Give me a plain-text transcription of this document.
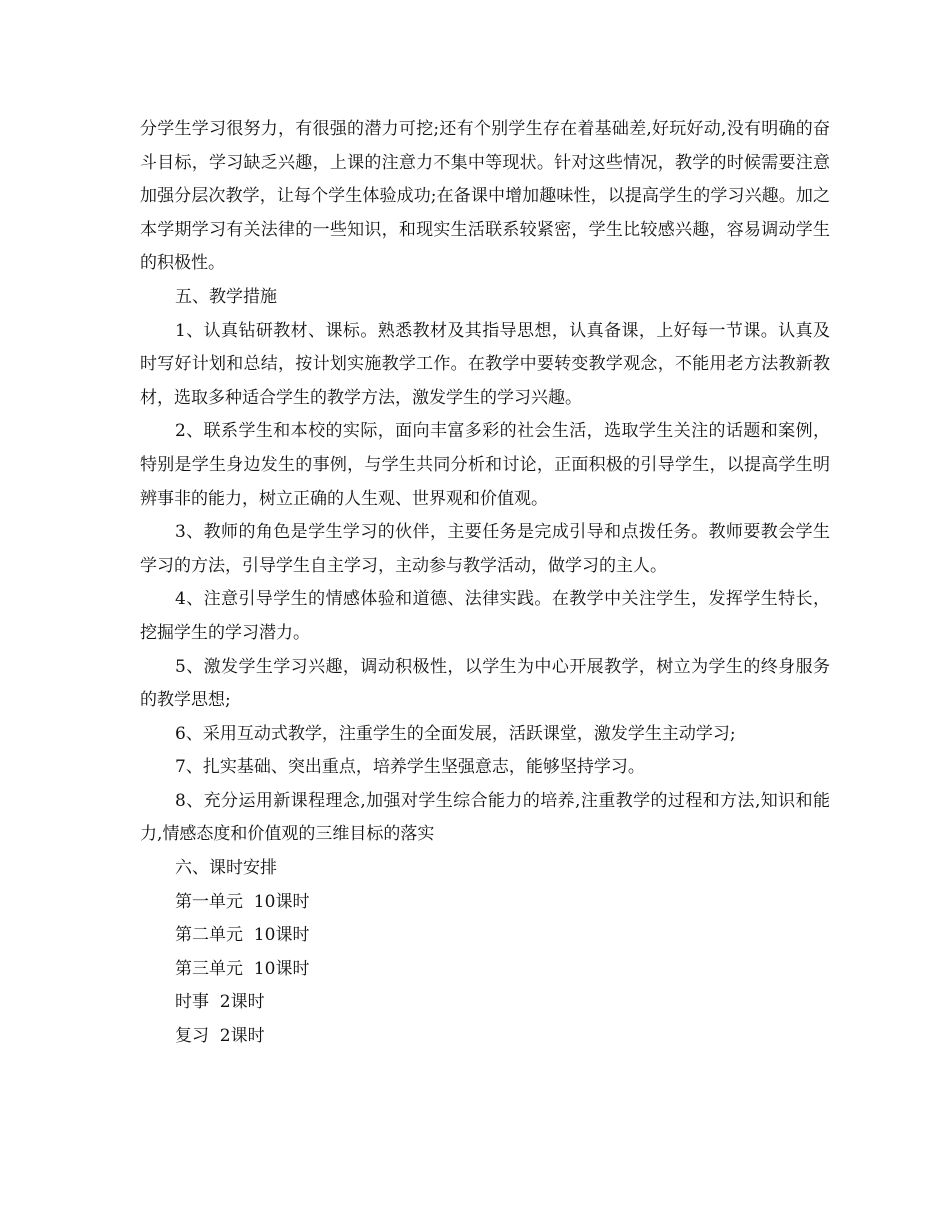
分学生学习很努力，有很强的潜力可挖;还有个别学生存在着基础差,好玩好动,没有明确的奋斗目标，学习缺乏兴趣，上课的注意力不集中等现状。针对这些情况，教学的时候需要注意加强分层次教学，让每个学生体验成功;在备课中增加趣味性，以提高学生的学习兴趣。加之本学期学习有关法律的一些知识，和现实生活联系较紧密，学生比较感兴趣，容易调动学生的积极性。

五、教学措施

1、认真钻研教材、课标。熟悉教材及其指导思想，认真备课，上好每一节课。认真及时写好计划和总结，按计划实施教学工作。在教学中要转变教学观念，不能用老方法教新教材，选取多种适合学生的教学方法，激发学生的学习兴趣。

2、联系学生和本校的实际，面向丰富多彩的社会生活，选取学生关注的话题和案例，特别是学生身边发生的事例，与学生共同分析和讨论，正面积极的引导学生，以提高学生明辨事非的能力，树立正确的人生观、世界观和价值观。

3、教师的角色是学生学习的伙伴，主要任务是完成引导和点拨任务。教师要教会学生学习的方法，引导学生自主学习，主动参与教学活动，做学习的主人。

4、注意引导学生的情感体验和道德、法律实践。在教学中关注学生，发挥学生特长，挖掘学生的学习潜力。

5、激发学生学习兴趣，调动积极性，以学生为中心开展教学，树立为学生的终身服务的教学思想;

6、采用互动式教学，注重学生的全面发展，活跃课堂，激发学生主动学习;

7、扎实基础、突出重点，培养学生坚强意志，能够坚持学习。

8、充分运用新课程理念,加强对学生综合能力的培养,注重教学的过程和方法,知识和能力,情感态度和价值观的三维目标的落实

六、课时安排

第一单元  10课时

第二单元  10课时

第三单元  10课时

时事  2课时

复习  2课时
